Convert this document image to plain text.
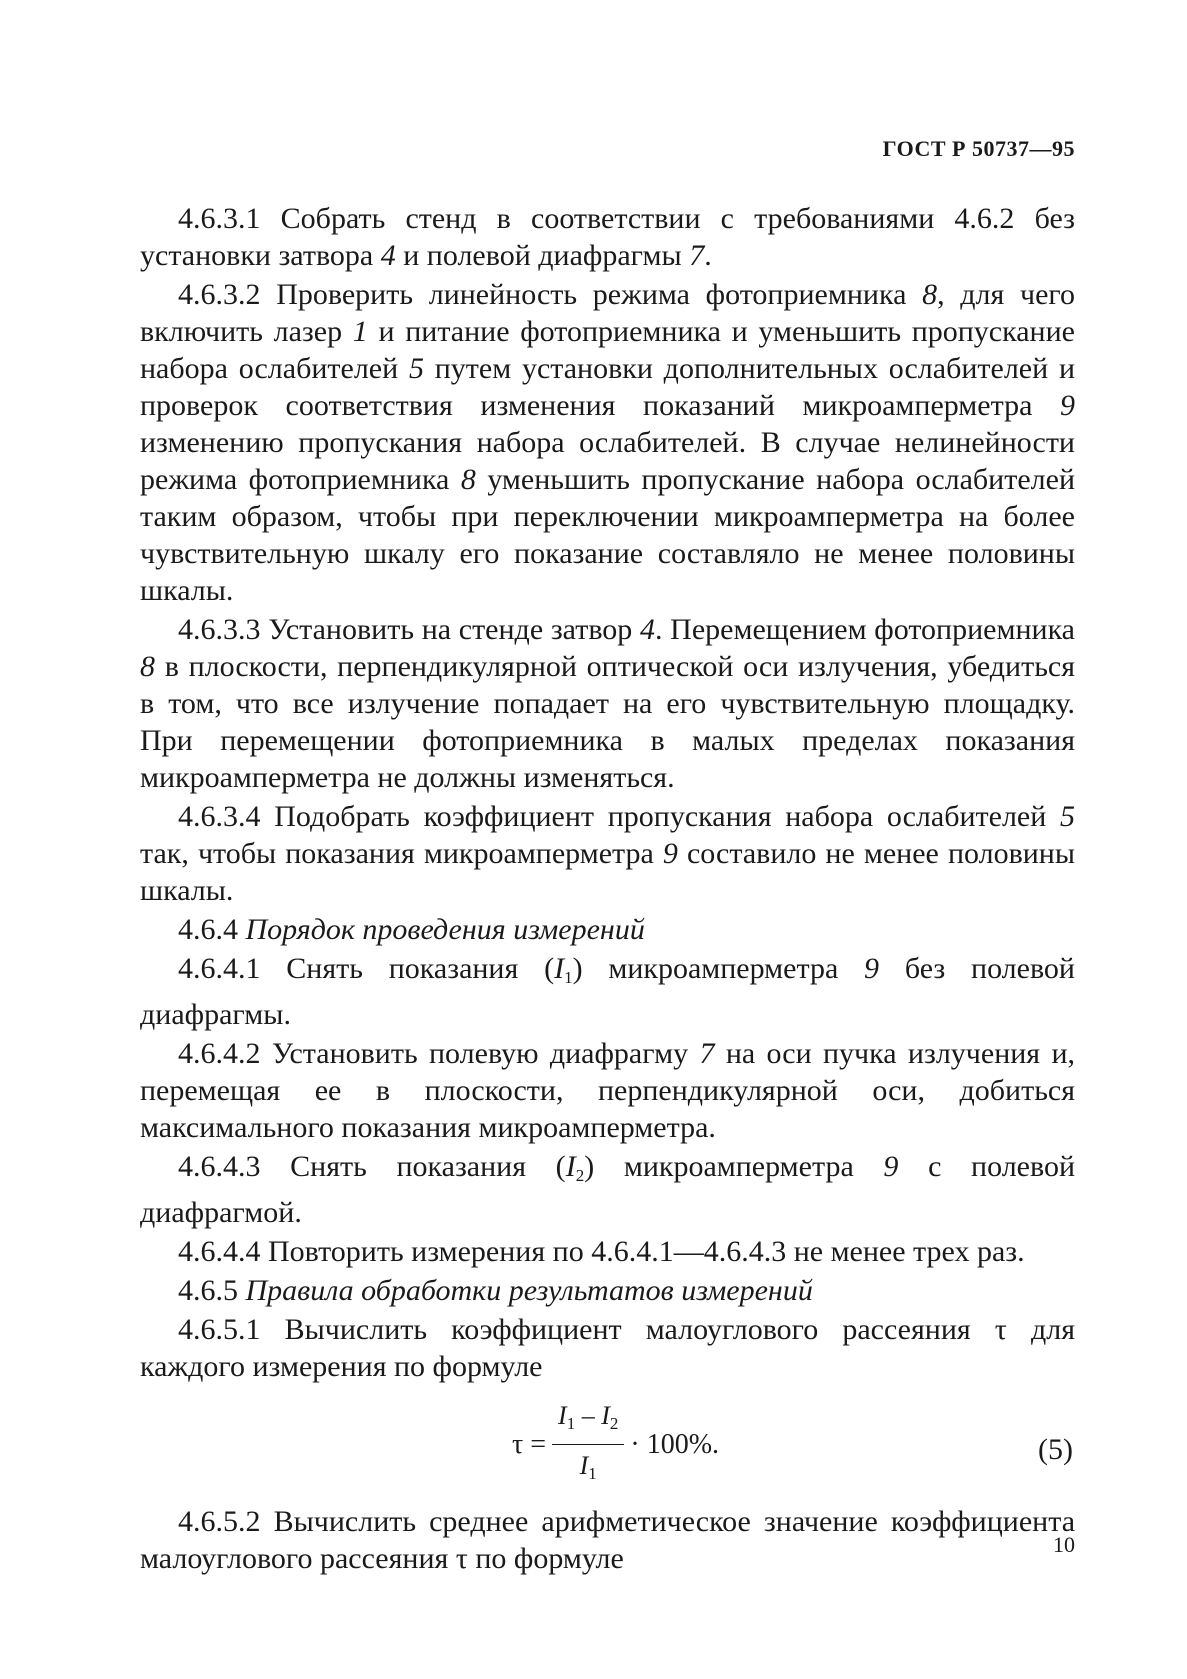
ГОСТ Р 50737—95

4.6.3.1 Собрать стенд в соответствии с требованиями 4.6.2 без установки затвора 4 и полевой диафрагмы 7.

4.6.3.2 Проверить линейность режима фотоприемника 8, для чего включить лазер 1 и питание фотоприемника и уменьшить пропускание набора ослабителей 5 путем установки дополнительных ослабителей и проверок соответствия изменения показаний микроамперметра 9 изменению пропускания набора ослабителей. В случае нелинейности режима фотоприемника 8 уменьшить пропускание набора ослабителей таким образом, чтобы при переключении микроамперметра на более чувствительную шкалу его показание составляло не менее половины шкалы.

4.6.3.3 Установить на стенде затвор 4. Перемещением фотоприемника 8 в плоскости, перпендикулярной оптической оси излучения, убедиться в том, что все излучение попадает на его чувствительную площадку. При перемещении фотоприемника в малых пределах показания микроамперметра не должны изменяться.

4.6.3.4 Подобрать коэффициент пропускания набора ослабителей 5 так, чтобы показания микроамперметра 9 составило не менее половины шкалы.

4.6.4 Порядок проведения измерений

4.6.4.1 Снять показания $(I_1)$ микроамперметра 9 без полевой диафрагмы.

4.6.4.2 Установить полевую диафрагму 7 на оси пучка излучения и, перемещая ее в плоскости, перпендикулярной оси, добиться максимального показания микроамперметра.

4.6.4.3 Снять показания $(I_2)$ микроамперметра 9 с полевой диафрагмой.

4.6.4.4 Повторить измерения по 4.6.4.1—4.6.4.3 не менее трех раз.

4.6.5 Правила обработки результатов измерений

4.6.5.1 Вычислить коэффициент малоуглового рассеяния τ для каждого измерения по формуле

$\tau = \frac{I_1 - I_2}{I_1} \cdot 100\%$.	(5)

4.6.5.2 Вычислить среднее арифметическое значение коэффициента малоуглового рассеяния τ по формуле	10
